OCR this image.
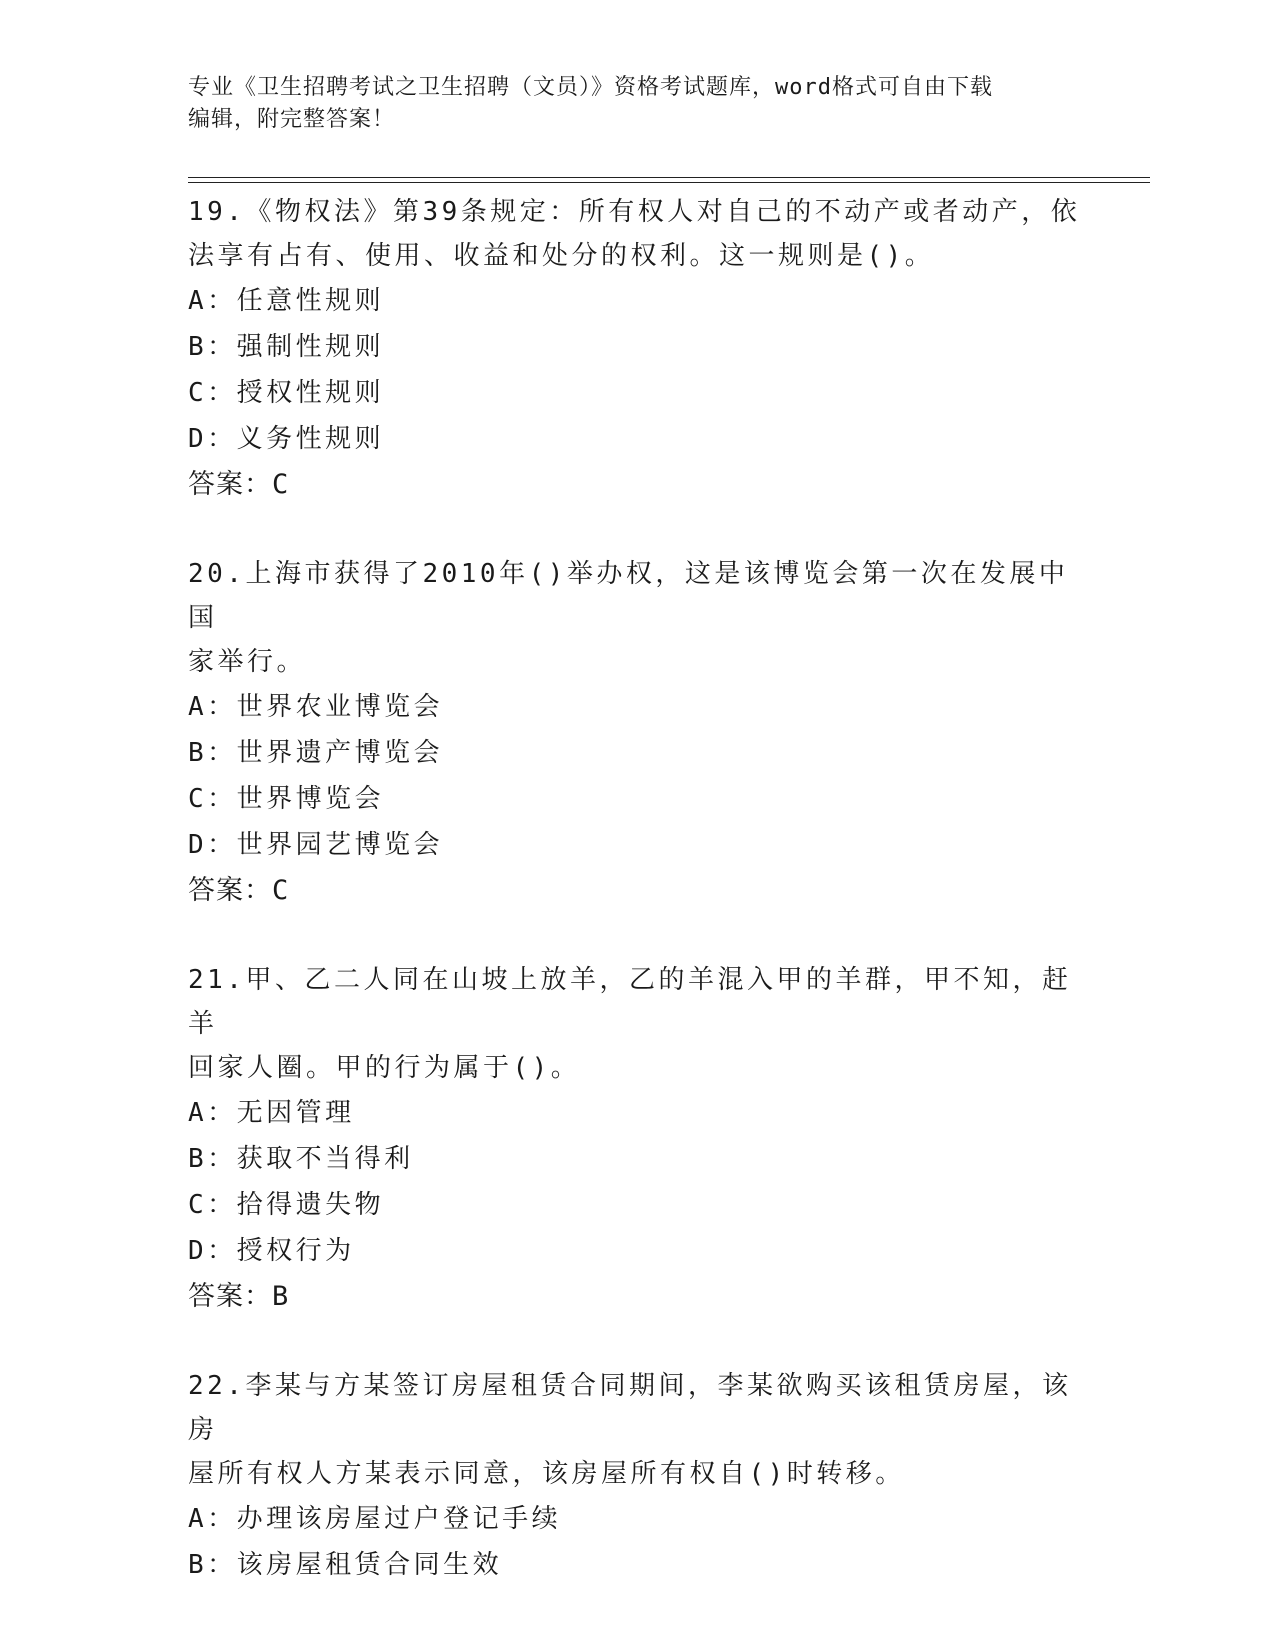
专业《卫生招聘考试之卫生招聘（文员）》资格考试题库，word格式可自由下载
编辑，附完整答案！

19.《物权法》第39条规定：所有权人对自己的不动产或者动产，依

法享有占有、使用、收益和处分的权利。这一规则是()。

A：任意性规则

B：强制性规则

C：授权性规则

D：义务性规则

答案：C

20.上海市获得了2010年()举办权，这是该博览会第一次在发展中国

家举行。

A：世界农业博览会

B：世界遗产博览会

C：世界博览会

D：世界园艺博览会

答案：C

21.甲、乙二人同在山坡上放羊，乙的羊混入甲的羊群，甲不知，赶羊

回家人圈。甲的行为属于()。

A：无因管理

B：获取不当得利

C：拾得遗失物

D：授权行为

答案：B

22.李某与方某签订房屋租赁合同期间，李某欲购买该租赁房屋，该房

屋所有权人方某表示同意，该房屋所有权自()时转移。

A：办理该房屋过户登记手续

B：该房屋租赁合同生效
